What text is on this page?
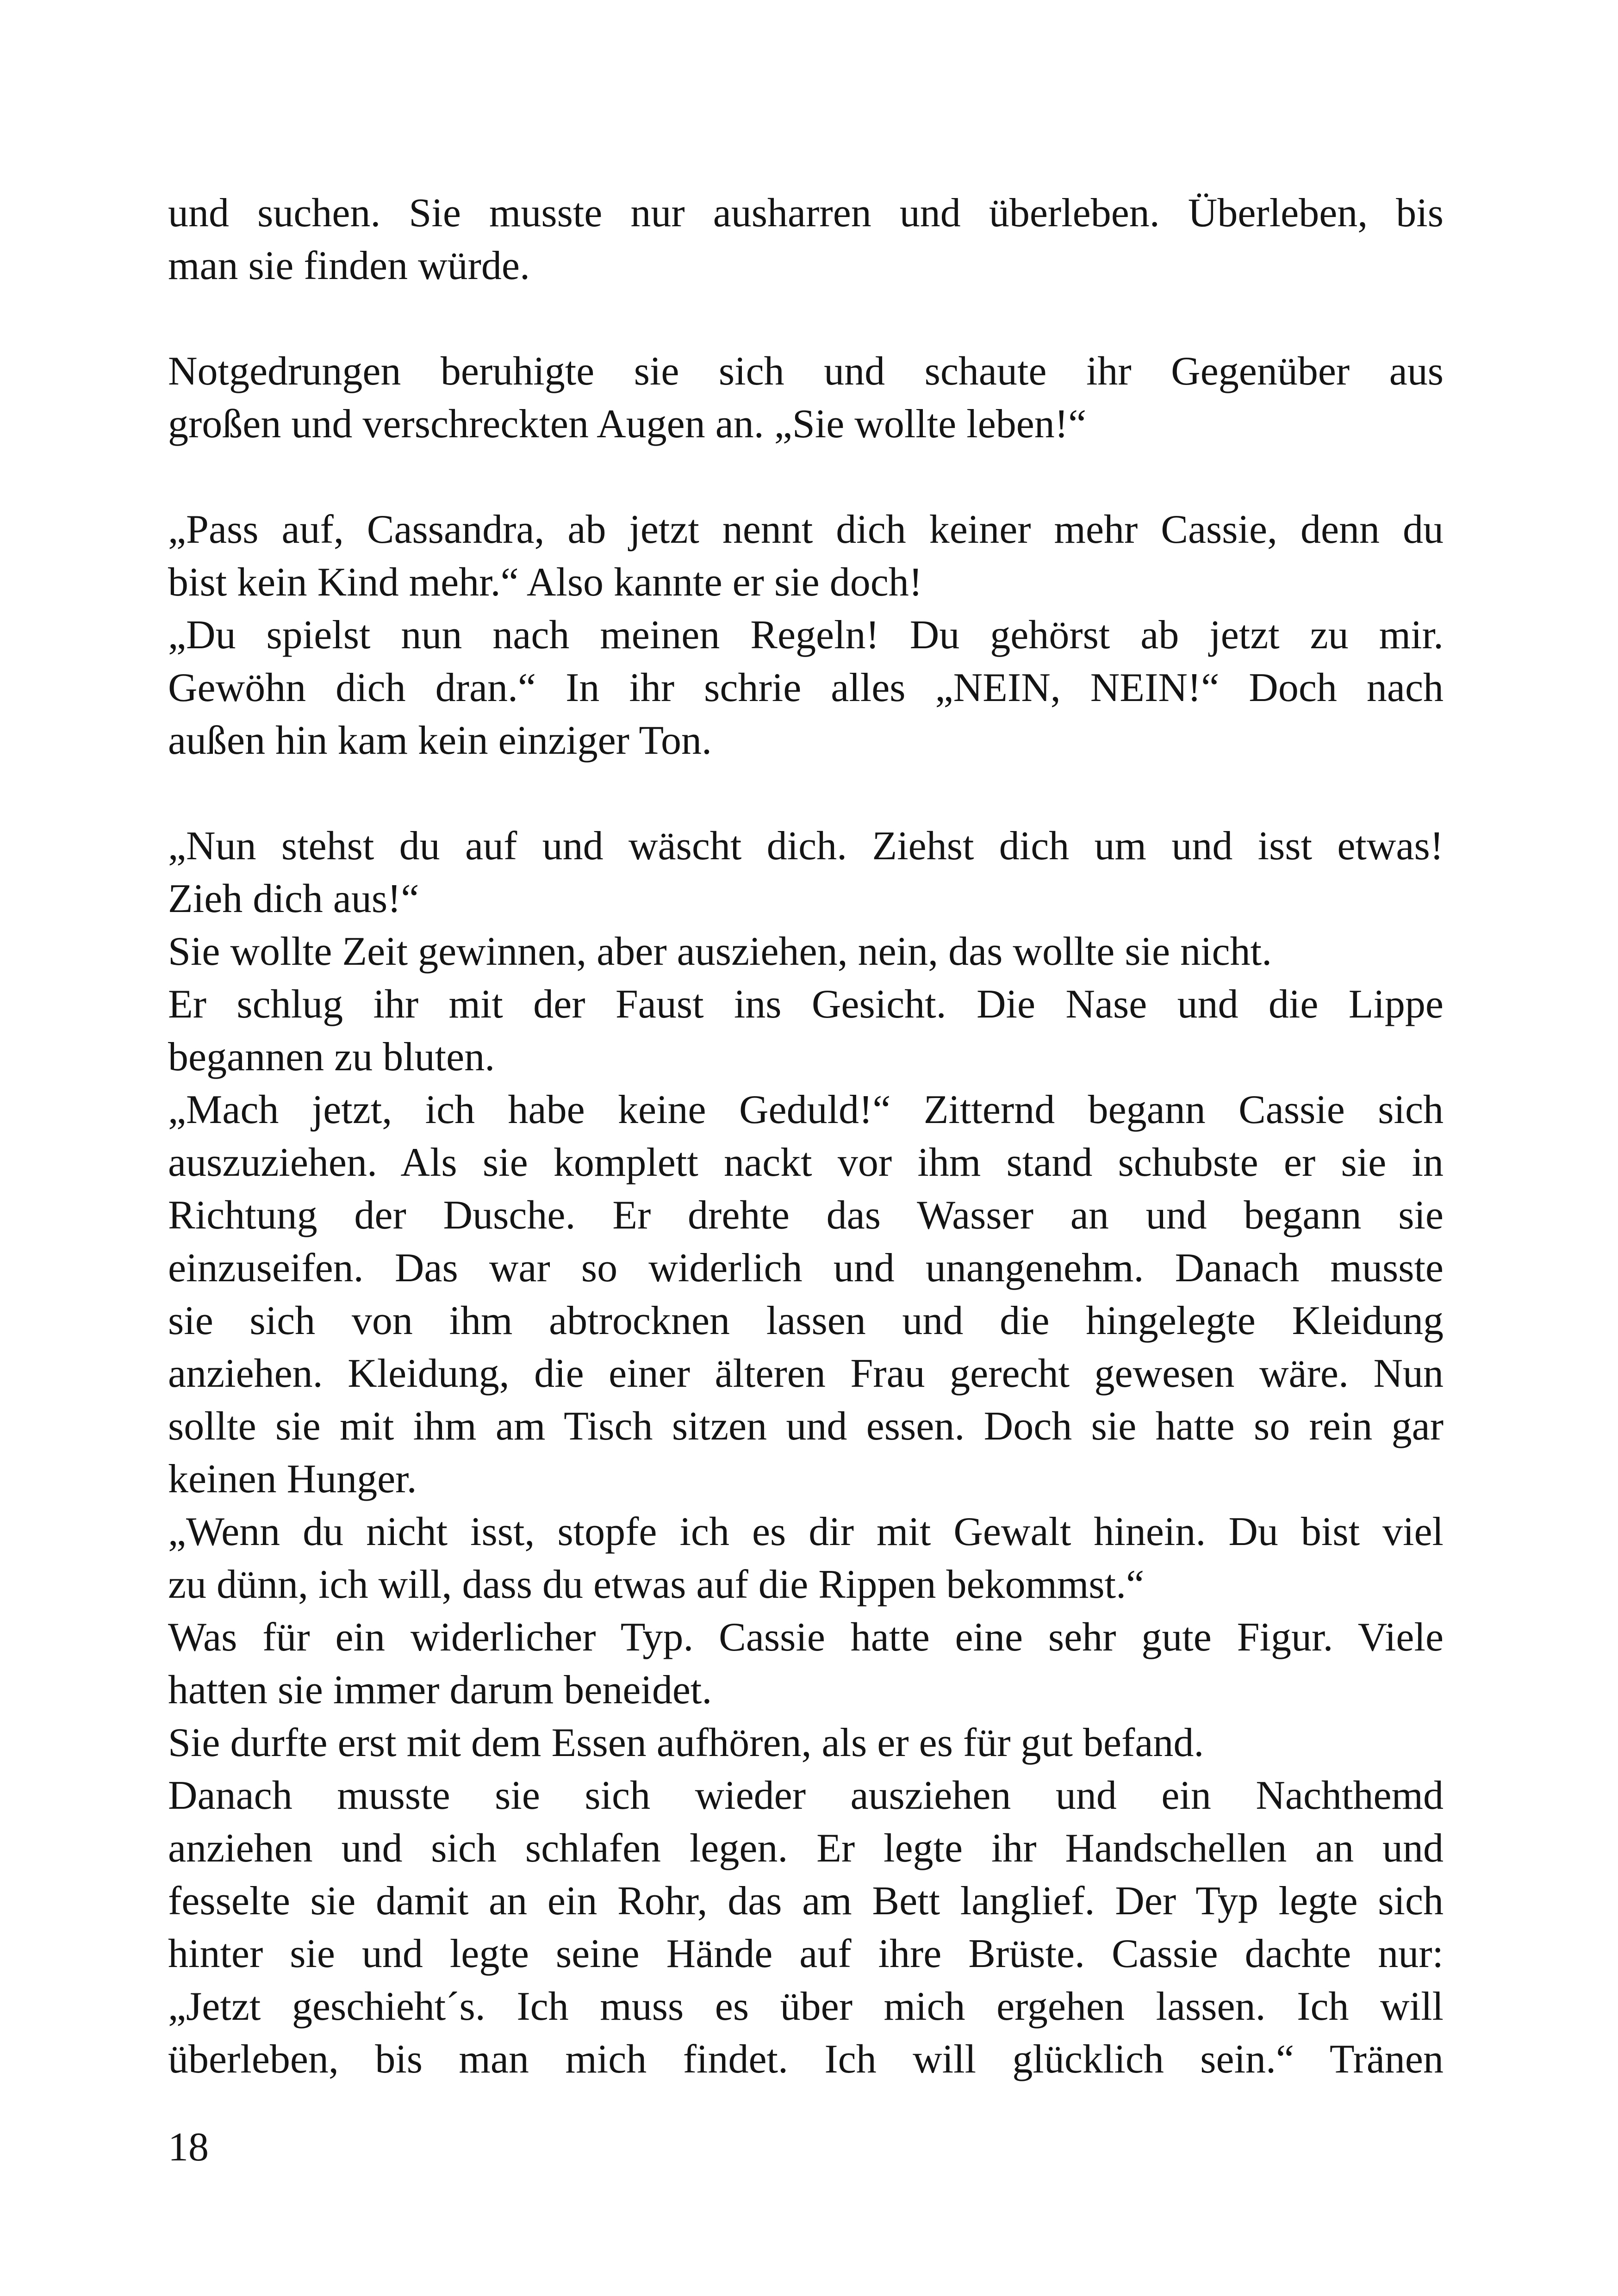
und suchen. Sie musste nur ausharren und überleben. Überleben, bis
man sie finden würde.
Notgedrungen beruhigte sie sich und schaute ihr Gegenüber aus
großen und verschreckten Augen an. „Sie wollte leben!“
„Pass auf, Cassandra, ab jetzt nennt dich keiner mehr Cassie, denn du
bist kein Kind mehr.“ Also kannte er sie doch!
„Du spielst nun nach meinen Regeln! Du gehörst ab jetzt zu mir.
Gewöhn dich dran.“ In ihr schrie alles „NEIN, NEIN!“ Doch nach
außen hin kam kein einziger Ton.
„Nun stehst du auf und wäscht dich. Ziehst dich um und isst etwas!
Zieh dich aus!“
Sie wollte Zeit gewinnen, aber ausziehen, nein, das wollte sie nicht.
Er schlug ihr mit der Faust ins Gesicht. Die Nase und die Lippe
begannen zu bluten.
„Mach jetzt, ich habe keine Geduld!“ Zitternd begann Cassie sich
auszuziehen. Als sie komplett nackt vor ihm stand schubste er sie in
Richtung der Dusche. Er drehte das Wasser an und begann sie
einzuseifen. Das war so widerlich und unangenehm. Danach musste
sie sich von ihm abtrocknen lassen und die hingelegte Kleidung
anziehen. Kleidung, die einer älteren Frau gerecht gewesen wäre. Nun
sollte sie mit ihm am Tisch sitzen und essen. Doch sie hatte so rein gar
keinen Hunger.
„Wenn du nicht isst, stopfe ich es dir mit Gewalt hinein. Du bist viel
zu dünn, ich will, dass du etwas auf die Rippen bekommst.“
Was für ein widerlicher Typ. Cassie hatte eine sehr gute Figur. Viele
hatten sie immer darum beneidet.
Sie durfte erst mit dem Essen aufhören, als er es für gut befand.
Danach musste sie sich wieder ausziehen und ein Nachthemd
anziehen und sich schlafen legen. Er legte ihr Handschellen an und
fesselte sie damit an ein Rohr, das am Bett langlief. Der Typ legte sich
hinter sie und legte seine Hände auf ihre Brüste. Cassie dachte nur:
„Jetzt geschieht´s. Ich muss es über mich ergehen lassen. Ich will
überleben, bis man mich findet. Ich will glücklich sein.“ Tränen
18
